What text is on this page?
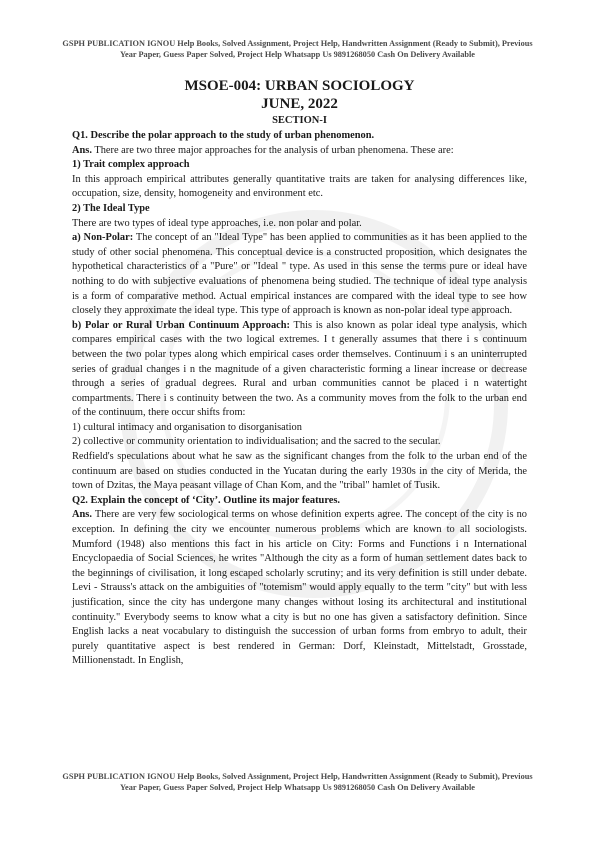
GSPH PUBLICATION IGNOU Help Books, Solved Assignment, Project Help, Handwritten Assignment (Ready to Submit), Previous Year Paper, Guess Paper Solved, Project Help Whatsapp Us 9891268050 Cash On Delivery Available
MSOE-004: URBAN SOCIOLOGY
JUNE, 2022
SECTION-I

Q1. Describe the polar approach to the study of urban phenomenon.

Ans. There are two three major approaches for the analysis of urban phenomena. These are:

1) Trait complex approach

In this approach empirical attributes generally quantitative traits are taken for analysing differences like, occupation, size, density, homogeneity and environment etc.

2) The Ideal Type

There are two types of ideal type approaches, i.e. non polar and polar.

a) Non-Polar: The concept of an "Ideal Type" has been applied to communities as it has been applied to the study of other social phenomena. This conceptual device is a constructed proposition, which designates the hypothetical characteristics of a "Pure" or "Ideal " type. As used in this sense the terms pure or ideal have nothing to do with subjective evaluations of phenomena being studied. The technique of ideal type analysis is a form of comparative method. Actual empirical instances are compared with the ideal type to see how closely they approximate the ideal type. This type of approach is known as non-polar ideal type approach.

b) Polar or Rural Urban Continuum Approach: This is also known as polar ideal type analysis, which compares empirical cases with the two logical extremes. I t generally assumes that there i s continuum between the two polar types along which empirical cases order themselves. Continuum i s an uninterrupted series of gradual changes i n the magnitude of a given characteristic forming a linear increase or decrease through a series of gradual degrees. Rural and urban communities cannot be placed i n watertight compartments. There i s continuity between the two. As a community moves from the folk to the urban end of the continuum, there occur shifts from:

1) cultural intimacy and organisation to disorganisation

2) collective or community orientation to individualisation; and the sacred to the secular.

Redfield's speculations about what he saw as the significant changes from the folk to the urban end of the continuum are based on studies conducted in the Yucatan during the early 1930s in the city of Merida, the town of Dzitas, the Maya peasant village of Chan Kom, and the "tribal" hamlet of Tusik.

Q2. Explain the concept of ‘City’. Outline its major features.

Ans. There are very few sociological terms on whose definition experts agree. The concept of the city is no exception. In defining the city we encounter numerous problems which are known to all sociologists. Mumford (1948) also mentions this fact in his article on City: Forms and Functions i n International Encyclopaedia of Social Sciences, he writes "Although the city as a form of human settlement dates back to the beginnings of civilisation, it long escaped scholarly scrutiny; and its very definition is still under debate. Levi - Strauss's attack on the ambiguities of "totemism" would apply equally to the term "city" but with less justification, since the city has undergone many changes without losing its architectural and institutional continuity." Everybody seems to know what a city is but no one has given a satisfactory definition. Since English lacks a neat vocabulary to distinguish the succession of urban forms from embryo to adult, their purely quantitative aspect is best rendered in German: Dorf, Kleinstadt, Mittelstadt, Grosstade, Millionenstadt. In English,

GSPH PUBLICATION IGNOU Help Books, Solved Assignment, Project Help, Handwritten Assignment (Ready to Submit), Previous Year Paper, Guess Paper Solved, Project Help Whatsapp Us 9891268050 Cash On Delivery Available
